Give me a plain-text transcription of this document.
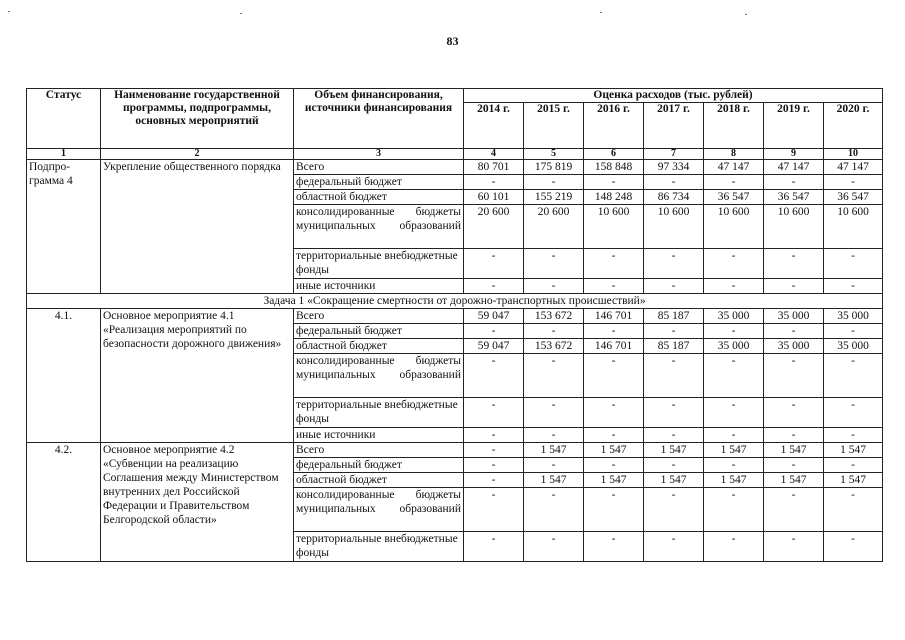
83
Статус	Наименование государственной программы, подпрограммы, основных мероприятий	Объем финансирования, источники финансирования	Оценка расходов (тыс. рублей)						
			2014 г.	2015 г.	2016 г.	2017 г.	2018 г.	2019 г.	2020 г.
1	2	3	4	5	6	7	8	9	10
Подпро-грамма 4	Укрепление общественного порядка	Всего	80 701	175 819	158 848	97 334	47 147	47 147	47 147
		федеральный бюджет	-	-	-	-	-	-	-
		областной бюджет	60 101	155 219	148 248	86 734	36 547	36 547	36 547
		консолидированные бюджеты муниципальных образований	20 600	20 600	10 600	10 600	10 600	10 600	10 600
		территориальные внебюджетные фонды	-	-	-	-	-	-	-
		иные источники	-	-	-	-	-	-	-
Задача 1 «Сокращение смертности от дорожно-транспортных происшествий»									
4.1.	Основное мероприятие 4.1 «Реализация мероприятий по безопасности дорожного движения»	Всего	59 047	153 672	146 701	85 187	35 000	35 000	35 000
		федеральный бюджет	-	-	-	-	-	-	-
		областной бюджет	59 047	153 672	146 701	85 187	35 000	35 000	35 000
		консолидированные бюджеты муниципальных образований	-	-	-	-	-	-	-
		территориальные внебюджетные фонды	-	-	-	-	-	-	-
		иные источники	-	-	-	-	-	-	-
4.2.	Основное мероприятие 4.2 «Субвенции на реализацию Соглашения между Министерством внутренних дел Российской Федерации и Правительством Белгородской области»	Всего	-	1 547	1 547	1 547	1 547	1 547	1 547
		федеральный бюджет	-	-	-	-	-	-	-
		областной бюджет	-	1 547	1 547	1 547	1 547	1 547	1 547
		консолидированные бюджеты муниципальных образований	-	-	-	-	-	-	-
		территориальные внебюджетные фонды	-	-	-	-	-	-	-
